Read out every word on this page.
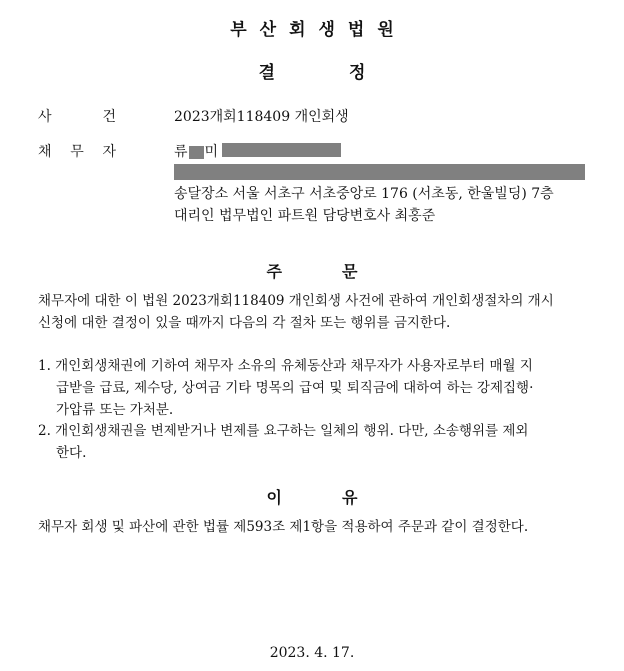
부산회생법원
결	정
사	건	2023개회118409 개인회생
채 무 자	류 미
송달장소 서울 서초구 서초중앙로 176 (서초동, 한울빌딩) 7층
대리인 법무법인 파트원 담당변호사 최홍준
주	문
채무자에 대한 이 법원 2023개회118409 개인회생 사건에 관하여 개인회생절차의 개시
신청에 대한 결정이 있을 때까지 다음의 각 절차 또는 행위를 금지한다.
1. 개인회생채권에 기하여 채무자 소유의 유체동산과 채무자가 사용자로부터 매월 지
급받을 급료, 제수당, 상여금 기타 명목의 급여 및 퇴직금에 대하여 하는 강제집행·
가압류 또는 가처분.
2. 개인회생채권을 변제받거나 변제를 요구하는 일체의 행위. 다만, 소송행위를 제외
한다.
이	유
채무자 회생 및 파산에 관한 법률 제593조 제1항을 적용하여 주문과 같이 결정한다.
2023. 4. 17.
